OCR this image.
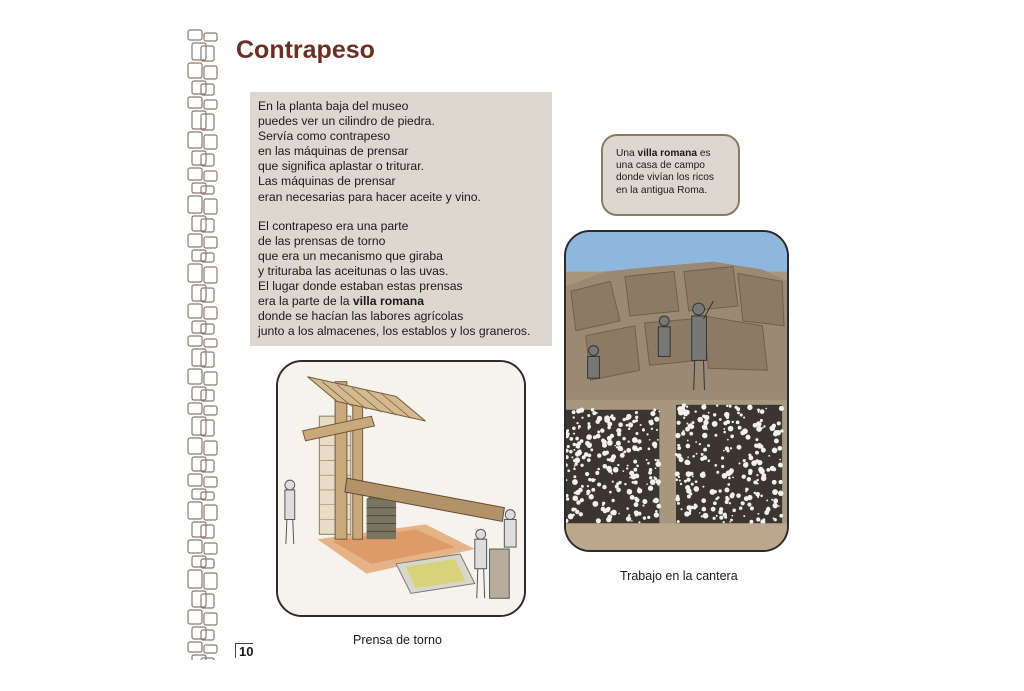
Contrapeso

En la planta baja del museo
puedes ver un cilindro de piedra.
Servía como contrapeso
en las máquinas de prensar
que significa aplastar o triturar.
Las máquinas de prensar
eran necesarias para hacer aceite y vino.

El contrapeso era una parte
de las prensas de torno
que era un mecanismo que giraba
y trituraba las aceitunas o las uvas.
El lugar donde estaban estas prensas
era la parte de la villa romana
donde se hacían las labores agrícolas
junto a los almacenes, los establos y los graneros.

Una villa romana es
una casa de campo
donde vivían los ricos
en la antigua Roma.
Prensa de torno
Trabajo en la cantera
10
